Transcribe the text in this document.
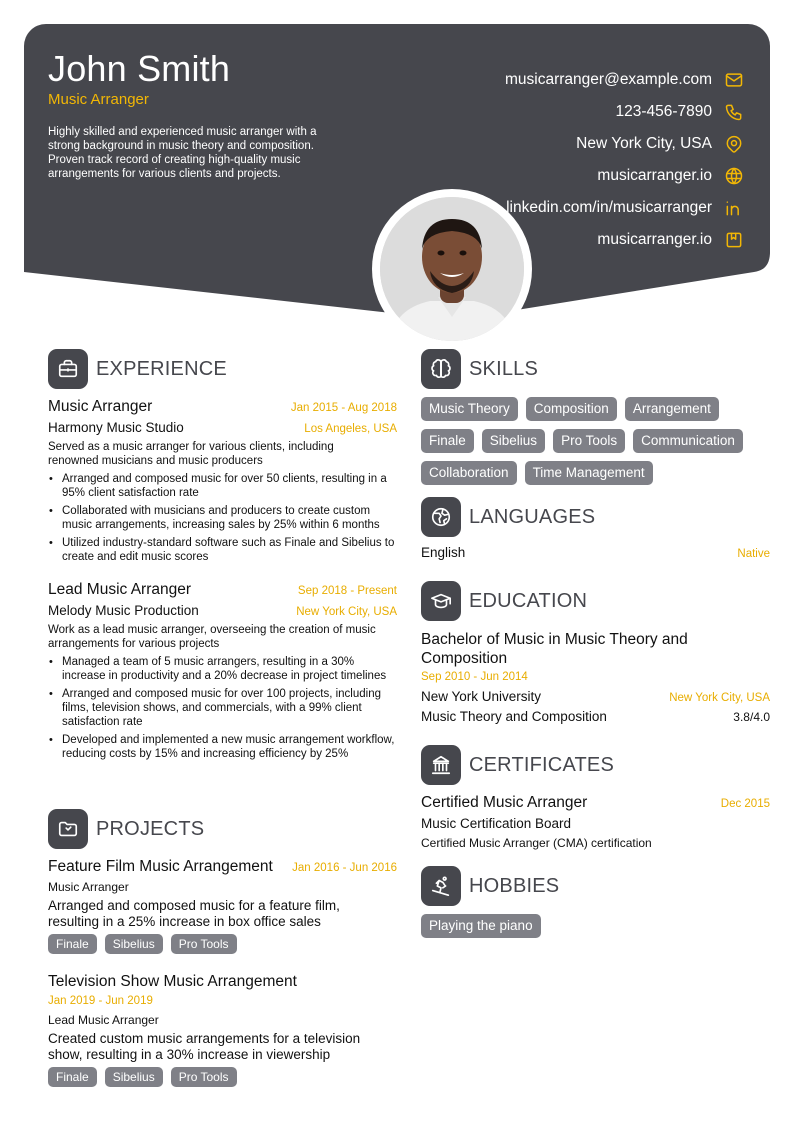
John Smith
Music Arranger

Highly skilled and experienced music arranger with a strong background in music theory and composition. Proven track record of creating high-quality music arrangements for various clients and projects.

musicarranger@example.com
123-456-7890
New York City, USA
musicarranger.io
linkedin.com/in/musicarranger
musicarranger.io
EXPERIENCE
Music Arranger	Jan 2015 - Aug 2018
Harmony Music Studio	Los Angeles, USA

Served as a music arranger for various clients, including renowned musicians and music producers

• Arranged and composed music for over 50 clients, resulting in a 95% client satisfaction rate
• Collaborated with musicians and producers to create custom music arrangements, increasing sales by 25% within 6 months
• Utilized industry-standard software such as Finale and Sibelius to create and edit music scores
Lead Music Arranger	Sep 2018 - Present
Melody Music Production	New York City, USA

Work as a lead music arranger, overseeing the creation of music arrangements for various projects

• Managed a team of 5 music arrangers, resulting in a 30% increase in productivity and a 20% decrease in project timelines
• Arranged and composed music for over 100 projects, including films, television shows, and commercials, with a 99% client satisfaction rate
• Developed and implemented a new music arrangement workflow, reducing costs by 15% and increasing efficiency by 25%
PROJECTS
Feature Film Music Arrangement Jan 2016 - Jun 2016
Music Arranger

Arranged and composed music for a feature film, resulting in a 25% increase in box office sales

Finale	Sibelius	Pro Tools
Television Show Music Arrangement
Jan 2019 - Jun 2019
Lead Music Arranger

Created custom music arrangements for a television show, resulting in a 30% increase in viewership

Finale	Sibelius	Pro Tools
SKILLS
Music Theory	Composition	Arrangement
Finale	Sibelius	Pro Tools	Communication
Collaboration	Time Management
LANGUAGES
English	Native
EDUCATION
Bachelor of Music in Music Theory and Composition
Sep 2010 - Jun 2014
New York University	New York City, USA
Music Theory and Composition	3.8/4.0
CERTIFICATES
Certified Music Arranger	Dec 2015
Music Certification Board
Certified Music Arranger (CMA) certification
HOBBIES
Playing the piano
